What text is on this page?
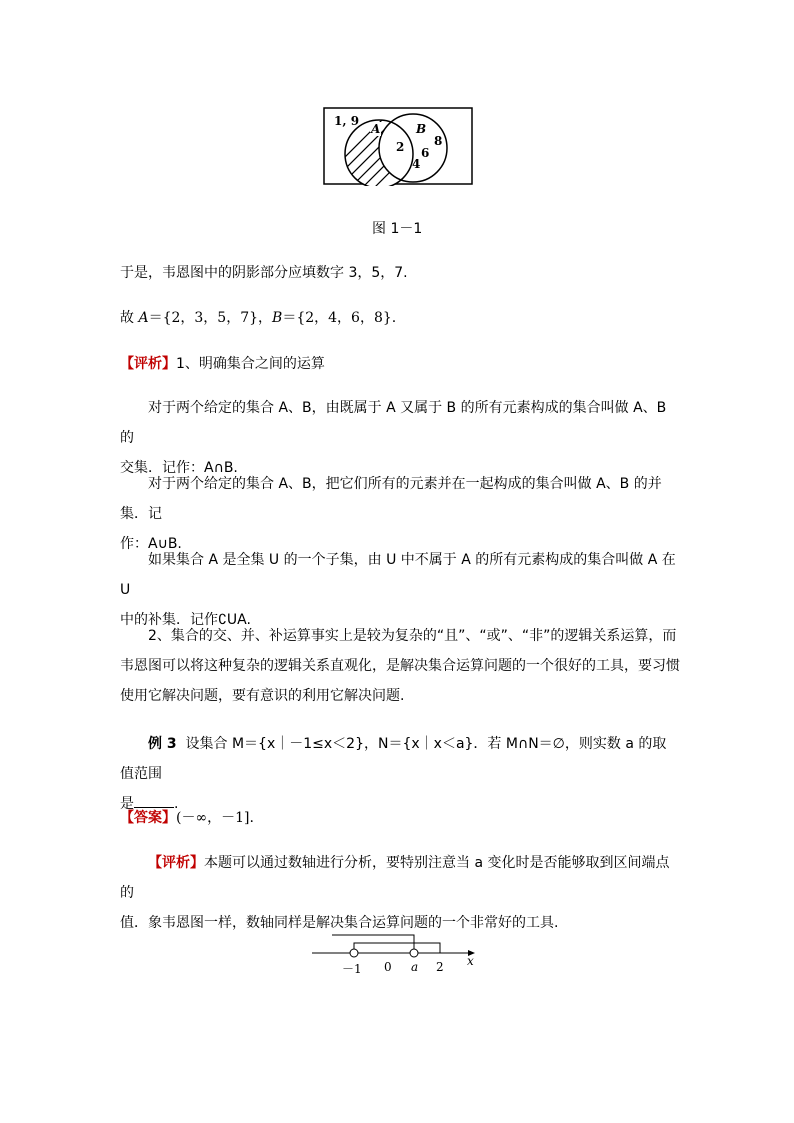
1, 9
A	B
2 6
8
4
图 1－1
于是，韦恩图中的阴影部分应填数字 3，5，7.
故 A＝{2，3，5，7}，B＝{2，4，6，8}.
【评析】1、明确集合之间的运算
对于两个给定的集合 A、B，由既属于 A 又属于 B 的所有元素构成的集合叫做 A、B 的
交集．记作：A∩B.
对于两个给定的集合 A、B，把它们所有的元素并在一起构成的集合叫做 A、B 的并集．记
作：A∪B.
如果集合 A 是全集 U 的一个子集，由 U 中不属于 A 的所有元素构成的集合叫做 A 在 U
中的补集．记作∁UA.
2、集合的交、并、补运算事实上是较为复杂的“且”、“或”、“非”的逻辑关系运算，而
韦恩图可以将这种复杂的逻辑关系直观化，是解决集合运算问题的一个很好的工具，要习惯
使用它解决问题，要有意识的利用它解决问题.
例 3 设集合 M＝{x｜－1≤x＜2}，N＝{x｜x＜a}．若 M∩N＝∅，则实数 a 的取值范围
是	.
【答案】(－∞，－1].
【评析】本题可以通过数轴进行分析，要特别注意当 a 变化时是否能够取到区间端点的
值．象韦恩图一样，数轴同样是解决集合运算问题的一个非常好的工具.
－1 0 a 2 x
